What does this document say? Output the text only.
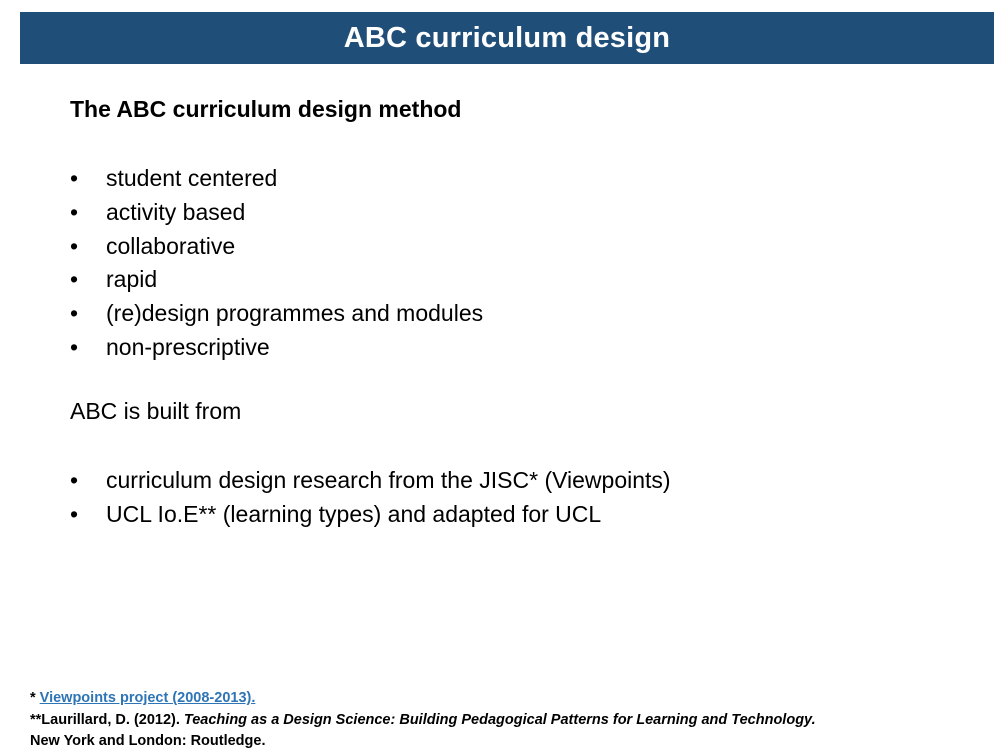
ABC curriculum design

The ABC curriculum design method

•	student centered
•	activity based
•	collaborative
•	rapid
•	(re)design programmes and modules
•	non-prescriptive

ABC is built from

•	curriculum design research from the JISC* (Viewpoints)
•	UCL Io.E** (learning types) and adapted for UCL
* Viewpoints project (2008-2013).
**Laurillard, D. (2012). Teaching as a Design Science: Building Pedagogical Patterns for Learning and Technology.
New York and London: Routledge.
